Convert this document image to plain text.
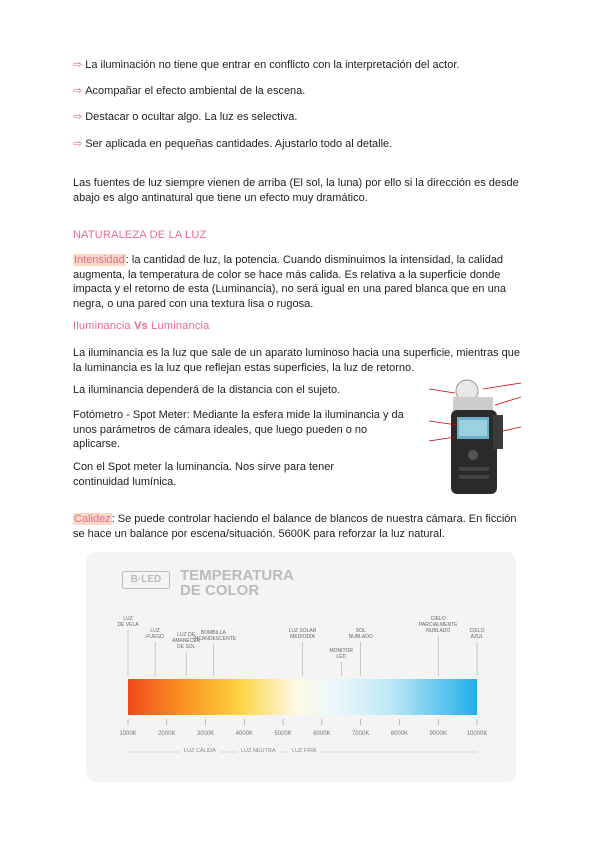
⇨ La iluminación no tiene que entrar en conflicto con la interpretación del actor.
⇨ Acompañar el efecto ambiental de la escena.
⇨ Destacar o ocultar algo. La luz es selectiva.
⇨ Ser aplicada en pequeñas cantidades. Ajustarlo todo al detalle.
Las fuentes de luz siempre vienen de arriba (El sol, la luna) por ello si la dirección es desde abajo es algo antinatural que tiene un efecto muy dramático.
NATURALEZA DE LA LUZ
Intensidad: la cantidad de luz, la potencia. Cuando disminuimos la intensidad, la calidad augmenta, la temperatura de color se hace más calida. Es relativa a la superficie donde impacta y el retorno de esta (Luminancia), no será igual en una pared blanca que en una negra, o una pared con una textura lisa o rugosa.
Iluminancia Vs Luminancia
La iluminancia es la luz que sale de un aparato luminoso hacia una superficie, mientras que la luminancia es la luz que reflejan estas superficies, la luz de retorno.
La iluminancia dependerá de la distancia con el sujeto.
Fotómetro - Spot Meter: Mediante la esfera mide la iluminancia y da unos parámetros de cámara ideales, que luego pueden o no aplicarse.
Con el Spot meter la luminancia. Nos sirve para tener continuidad lumínica.
Calidez: Se puede controlar haciendo el balance de blancos de nuestra cámara. En ficción se hace un balance por escena/situación. 5600K para reforzar la luz natural.
B·LED	TEMPERATURA
DE COLOR
LUZ
DE VELA
LUZ
FUEGO	LUZ DE
AMANECER
DE SOL
BOMBILLA
INCANDESCENTE
LUZ SOLAR
MEDIODÍA
MONITOR
LED
SOL
NUBLADO
CIELO
PARCIALMENTE
NUBLADO	CIELO
AZUL
1000K	2000K	3000K	4000K	5000K	6000K	7000K	8000K	9000K	10000K
LUZ CÁLIDA	LUZ NEUTRA	LUZ FRÍA
